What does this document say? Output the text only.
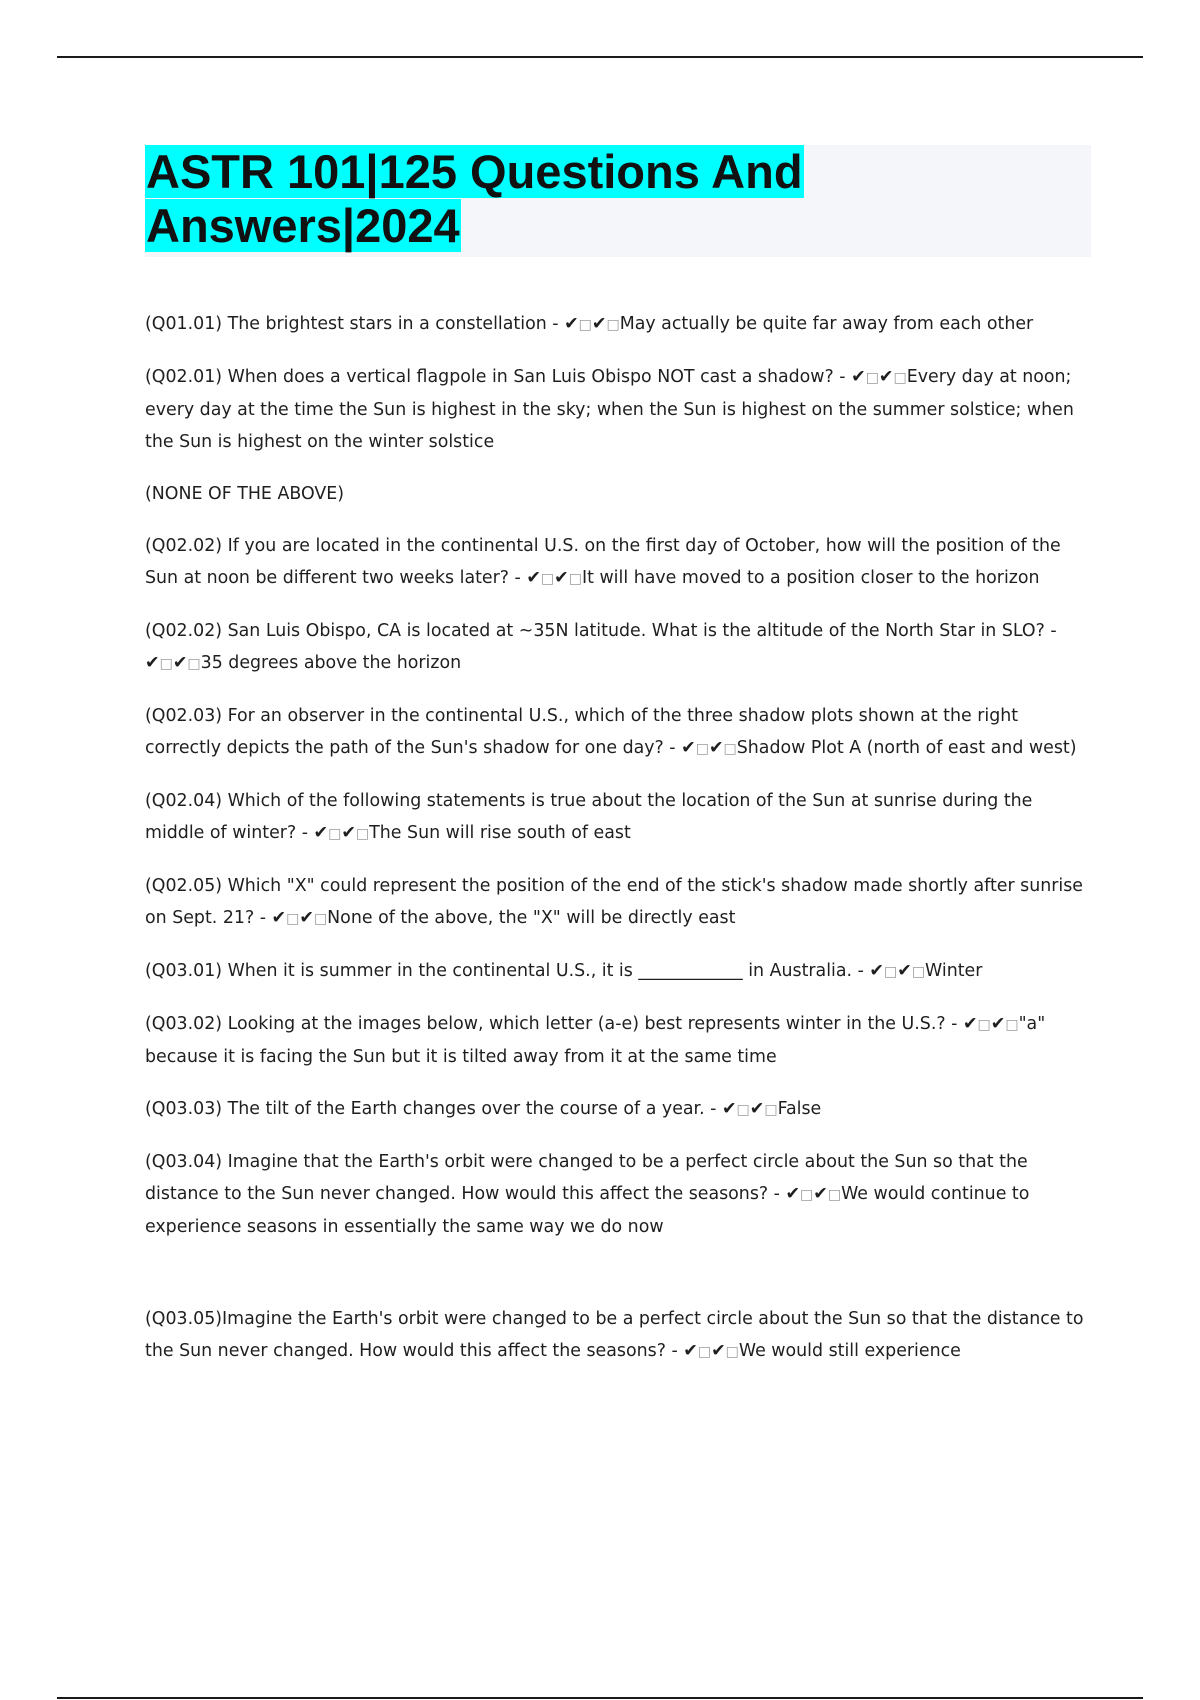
ASTR 101|125 Questions And
Answers|2024

(Q01.01) The brightest stars in a constellation - ✔□✔□May actually be quite far away from each other

(Q02.01) When does a vertical flagpole in San Luis Obispo NOT cast a shadow? - ✔□✔□Every day at noon; every day at the time the Sun is highest in the sky; when the Sun is highest on the summer solstice; when the Sun is highest on the winter solstice

(NONE OF THE ABOVE)

(Q02.02) If you are located in the continental U.S. on the first day of October, how will the position of the Sun at noon be different two weeks later? - ✔□✔□It will have moved to a position closer to the horizon

(Q02.02) San Luis Obispo, CA is located at ~35N latitude. What is the altitude of the North Star in SLO? - ✔□✔□35 degrees above the horizon

(Q02.03) For an observer in the continental U.S., which of the three shadow plots shown at the right correctly depicts the path of the Sun's shadow for one day? - ✔□✔□Shadow Plot A (north of east and west)

(Q02.04) Which of the following statements is true about the location of the Sun at sunrise during the middle of winter? - ✔□✔□The Sun will rise south of east

(Q02.05) Which "X" could represent the position of the end of the stick's shadow made shortly after sunrise on Sept. 21? - ✔□✔□None of the above, the "X" will be directly east

(Q03.01) When it is summer in the continental U.S., it is ____________ in Australia. - ✔□✔□Winter

(Q03.02) Looking at the images below, which letter (a-e) best represents winter in the U.S.? - ✔□✔□"a" because it is facing the Sun but it is tilted away from it at the same time

(Q03.03) The tilt of the Earth changes over the course of a year. - ✔□✔□False

(Q03.04) Imagine that the Earth's orbit were changed to be a perfect circle about the Sun so that the distance to the Sun never changed. How would this affect the seasons? - ✔□✔□We would continue to experience seasons in essentially the same way we do now

(Q03.05)Imagine the Earth's orbit were changed to be a perfect circle about the Sun so that the distance to the Sun never changed. How would this affect the seasons? - ✔□✔□We would still experience
